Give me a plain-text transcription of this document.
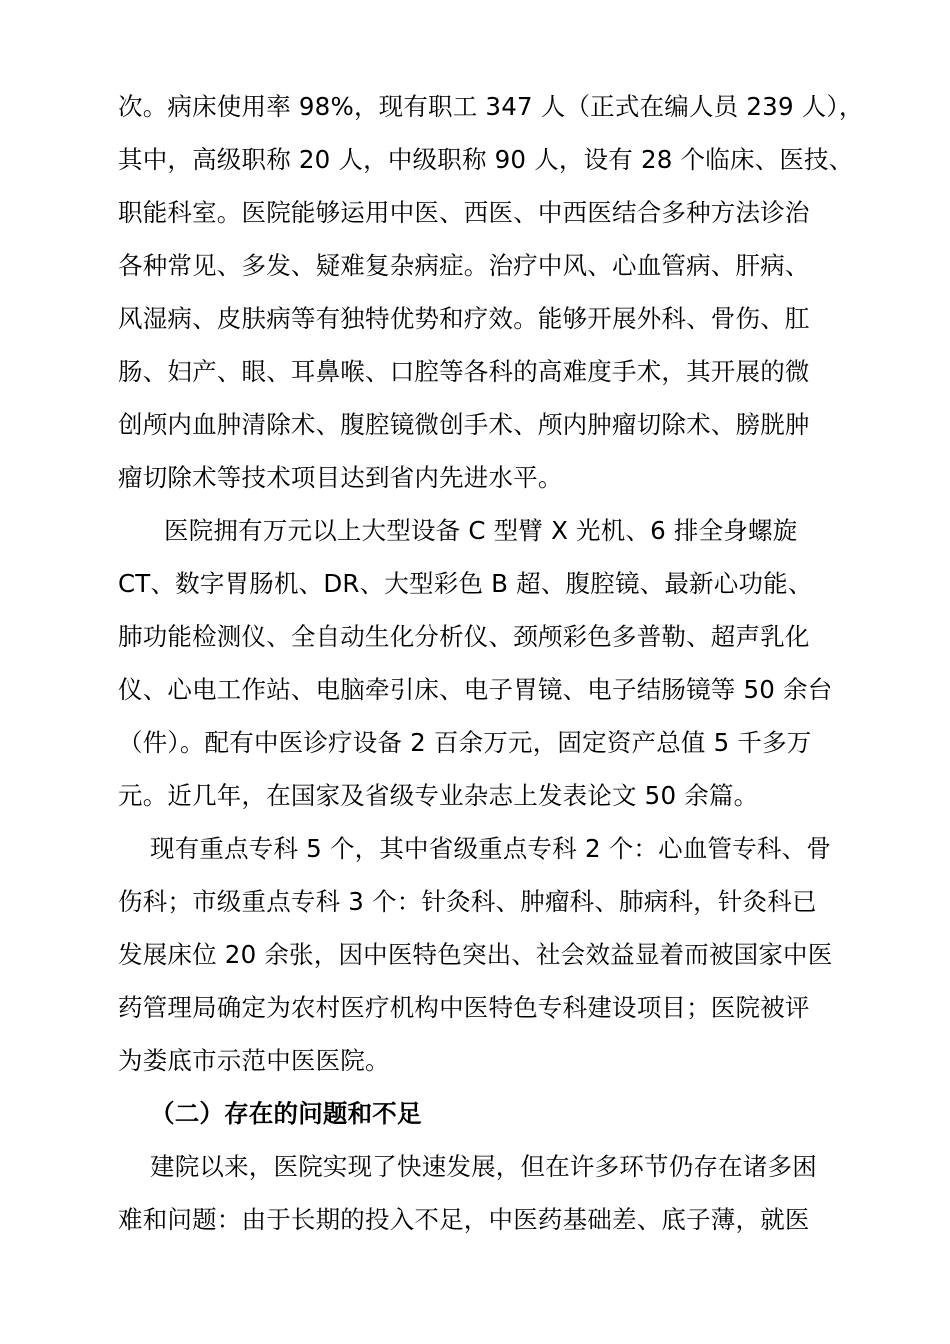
次。病床使用率 98%，现有职工 347 人（正式在编人员 239 人），
其中，高级职称 20 人，中级职称 90 人，设有 28 个临床、医技、
职能科室。医院能够运用中医、西医、中西医结合多种方法诊治
各种常见、多发、疑难复杂病症。治疗中风、心血管病、肝病、
风湿病、皮肤病等有独特优势和疗效。能够开展外科、骨伤、肛
肠、妇产、眼、耳鼻喉、口腔等各科的高难度手术，其开展的微
创颅内血肿清除术、腹腔镜微创手术、颅内肿瘤切除术、膀胱肿
瘤切除术等技术项目达到省内先进水平。
医院拥有万元以上大型设备 C 型臂 X 光机、6 排全身螺旋
CT、数字胃肠机、DR、大型彩色 B 超、腹腔镜、最新心功能、
肺功能检测仪、全自动生化分析仪、颈颅彩色多普勒、超声乳化
仪、心电工作站、电脑牵引床、电子胃镜、电子结肠镜等 50 余台
（件）。配有中医诊疗设备 2 百余万元，固定资产总值 5 千多万
元。近几年，在国家及省级专业杂志上发表论文 50 余篇。
现有重点专科 5 个，其中省级重点专科 2 个：心血管专科、骨
伤科；市级重点专科 3 个：针灸科、肿瘤科、肺病科，针灸科已
发展床位 20 余张，因中医特色突出、社会效益显着而被国家中医
药管理局确定为农村医疗机构中医特色专科建设项目；医院被评
为娄底市示范中医医院。
（二）存在的问题和不足
建院以来，医院实现了快速发展，但在许多环节仍存在诸多困
难和问题：由于长期的投入不足，中医药基础差、底子薄，就医
